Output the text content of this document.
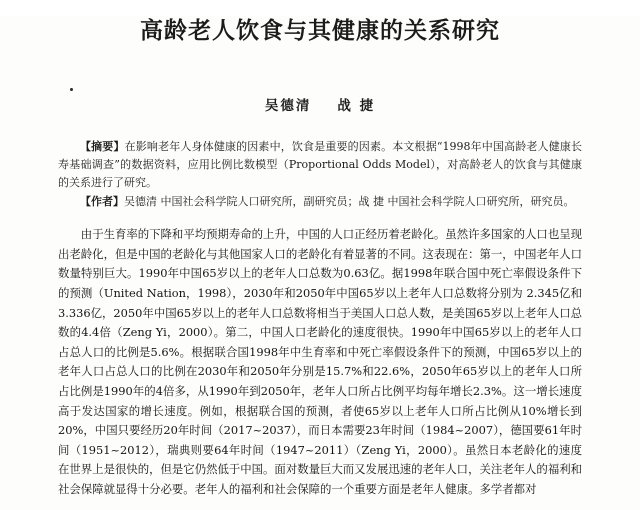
高龄老人饮食与其健康的关系研究
吴德清 战 捷

【摘要】在影响老年人身体健康的因素中，饮食是重要的因素。本文根据“1998年中国高龄老人健康长寿基础调查”的数据资料，应用比例比数模型（Proportional Odds Model），对高龄老人的饮食与其健康的关系进行了研究。

【作者】吴德清 中国社会科学院人口研究所，副研究员；战 捷 中国社会科学院人口研究所，研究员。

由于生育率的下降和平均预期寿命的上升，中国的人口正经历着老龄化。虽然许多国家的人口也呈现出老龄化，但是中国的老龄化与其他国家人口的老龄化有着显著的不同。这表现在：第一，中国老年人口数量特别巨大。1990年中国65岁以上的老年人口总数为0.63亿。据1998年联合国中死亡率假设条件下的预测（United Nation，1998），2030年和2050年中国65岁以上老年人口总数将分别为 2.345亿和3.336亿，2050年中国65岁以上的老年人口总数将相当于美国人口总人数，是美国65岁以上老年人口总数的4.4倍（Zeng Yi，2000）。第二，中国人口老龄化的速度很快。1990年中国65岁以上的老年人口占总人口的比例是5.6%。根据联合国1998年中生育率和中死亡率假设条件下的预测，中国65岁以上的老年人口占总人口的比例在2030年和2050年分别是15.7%和22.6%，2050年65岁以上的老年人口所占比例是1990年的4倍多，从1990年到2050年，老年人口所占比例平均每年增长2.3%。这一增长速度高于发达国家的增长速度。例如，根据联合国的预测，者使65岁以上老年人口所占比例从10%增长到20%，中国只要经历20年时间（2017~2037），而日本需要23年时间（1984~2007），德国要61年时间（1951~2012），瑞典则要64年时间（1947~2011）（Zeng Yi，2000）。虽然日本老龄化的速度在世界上是很快的，但是它仍然低于中国。面对数量巨大而又发展迅速的老年人口，关注老年人的福利和社会保障就显得十分必要。老年人的福利和社会保障的一个重要方面是老年人健康。多学者都对
